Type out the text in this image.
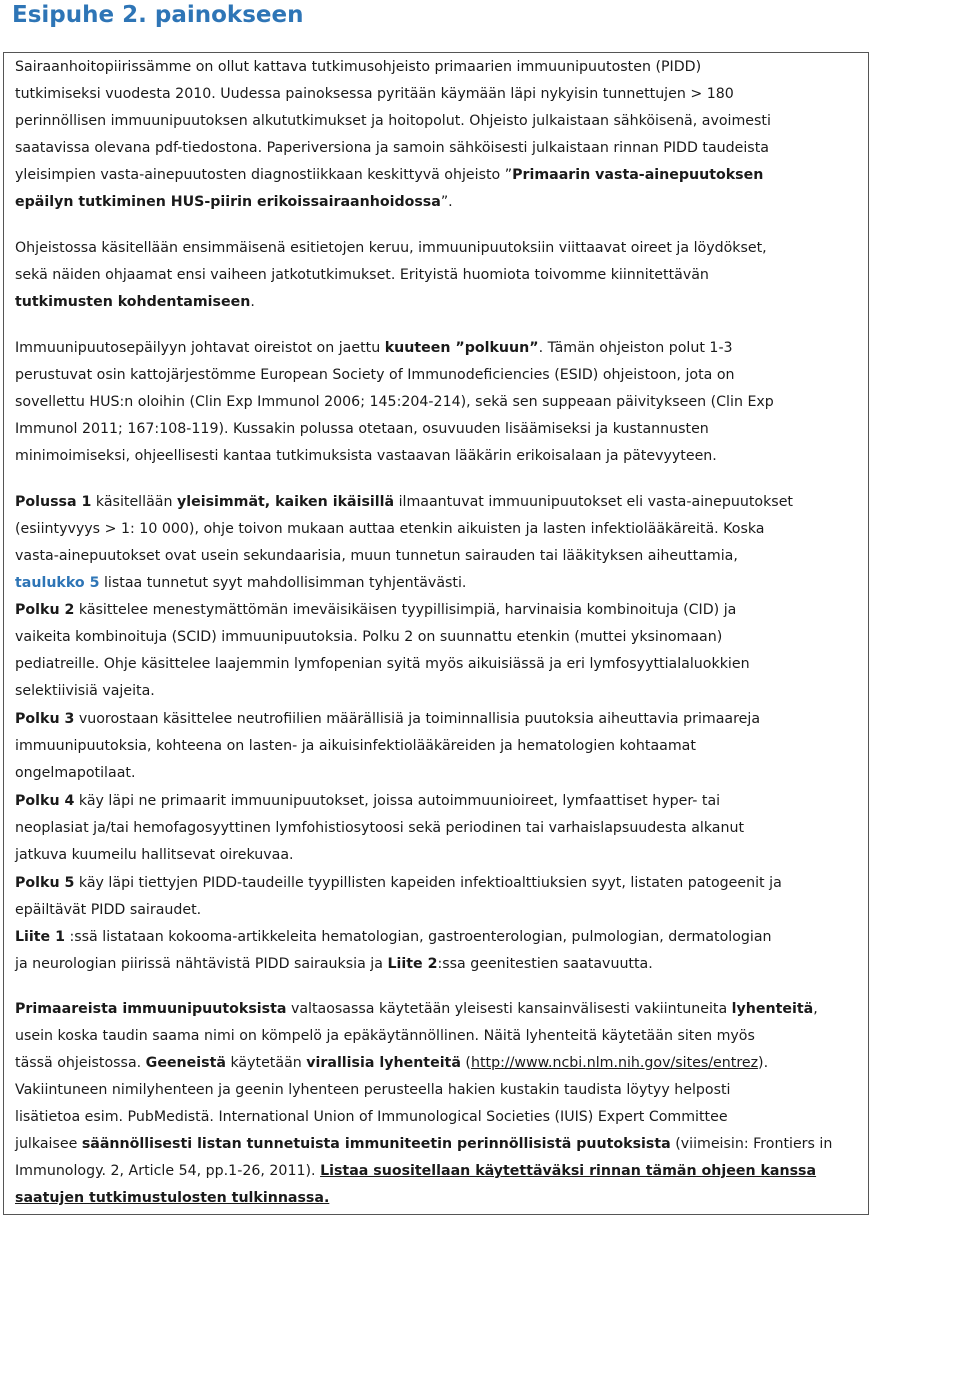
Esipuhe 2. painokseen
Sairaanhoitopiirissämme on ollut kattava tutkimusohjeisto primaarien immuunipuutosten (PIDD)
tutkimiseksi vuodesta 2010. Uudessa painoksessa pyritään käymään läpi nykyisin tunnettujen > 180
perinnöllisen immuunipuutoksen alkututkimukset ja hoitopolut. Ohjeisto julkaistaan sähköisenä, avoimesti
saatavissa olevana pdf-tiedostona. Paperiversiona ja samoin sähköisesti julkaistaan rinnan PIDD taudeista
yleisimpien vasta-ainepuutosten diagnostiikkaan keskittyvä ohjeisto ”Primaarin vasta-ainepuutoksen
epäilyn tutkiminen HUS-piirin erikoissairaanhoidossa”.
Ohjeistossa käsitellään ensimmäisenä esitietojen keruu, immuunipuutoksiin viittaavat oireet ja löydökset,
sekä näiden ohjaamat ensi vaiheen jatkotutkimukset. Erityistä huomiota toivomme kiinnitettävän
tutkimusten kohdentamiseen.
Immuunipuutosepäilyyn johtavat oireistot on jaettu kuuteen ”polkuun”. Tämän ohjeiston polut 1-3
perustuvat osin kattojärjestömme European Society of Immunodeficiencies (ESID) ohjeistoon, jota on
sovellettu HUS:n oloihin (Clin Exp Immunol 2006; 145:204-214), sekä sen suppeaan päivitykseen (Clin Exp
Immunol 2011; 167:108-119). Kussakin polussa otetaan, osuvuuden lisäämiseksi ja kustannusten
minimoimiseksi, ohjeellisesti kantaa tutkimuksista vastaavan lääkärin erikoisalaan ja pätevyyteen.
Polussa 1 käsitellään yleisimmät, kaiken ikäisillä ilmaantuvat immuunipuutokset eli vasta-ainepuutokset
(esiintyvyys > 1: 10 000), ohje toivon mukaan auttaa etenkin aikuisten ja lasten infektiolääkäreitä. Koska
vasta-ainepuutokset ovat usein sekundaarisia, muun tunnetun sairauden tai lääkityksen aiheuttamia,
taulukko 5 listaa tunnetut syyt mahdollisimman tyhjentävästi.
Polku 2 käsittelee menestymättömän imeväisikäisen tyypillisimpiä, harvinaisia kombinoituja (CID) ja
vaikeita kombinoituja (SCID) immuunipuutoksia. Polku 2 on suunnattu etenkin (muttei yksinomaan)
pediatreille. Ohje käsittelee laajemmin lymfopenian syitä myös aikuisiässä ja eri lymfosyyttialaluokkien
selektiivisiä vajeita.
Polku 3 vuorostaan käsittelee neutrofiilien määrällisiä ja toiminnallisia puutoksia aiheuttavia primaareja
immuunipuutoksia, kohteena on lasten- ja aikuisinfektiolääkäreiden ja hematologien kohtaamat
ongelmapotilaat.
Polku 4 käy läpi ne primaarit immuunipuutokset, joissa autoimmuunioireet, lymfaattiset hyper- tai
neoplasiat ja/tai hemofagosyyttinen lymfohistiosytoosi sekä periodinen tai varhaislapsuudesta alkanut
jatkuva kuumeilu hallitsevat oirekuvaa.
Polku 5 käy läpi tiettyjen PIDD-taudeille tyypillisten kapeiden infektioalttiuksien syyt, listaten patogeenit ja
epäiltävät PIDD sairaudet.
Liite 1 :ssä listataan kokooma-artikkeleita hematologian, gastroenterologian, pulmologian, dermatologian
ja neurologian piirissä nähtävistä PIDD sairauksia ja Liite 2:ssa geenitestien saatavuutta.
Primaareista immuunipuutoksista valtaosassa käytetään yleisesti kansainvälisesti vakiintuneita lyhenteitä,
usein koska taudin saama nimi on kömpelö ja epäkäytännöllinen. Näitä lyhenteitä käytetään siten myös
tässä ohjeistossa. Geeneistä käytetään virallisia lyhenteitä (http://www.ncbi.nlm.nih.gov/sites/entrez).
Vakiintuneen nimilyhenteen ja geenin lyhenteen perusteella hakien kustakin taudista löytyy helposti
lisätietoa esim. PubMedistä. International Union of Immunological Societies (IUIS) Expert Committee
julkaisee säännöllisesti listan tunnetuista immuniteetin perinnöllisistä puutoksista (viimeisin: Frontiers in
Immunology. 2, Article 54, pp.1-26, 2011). Listaa suositellaan käytettäväksi rinnan tämän ohjeen kanssa
saatujen tutkimustulosten tulkinnassa.
3
